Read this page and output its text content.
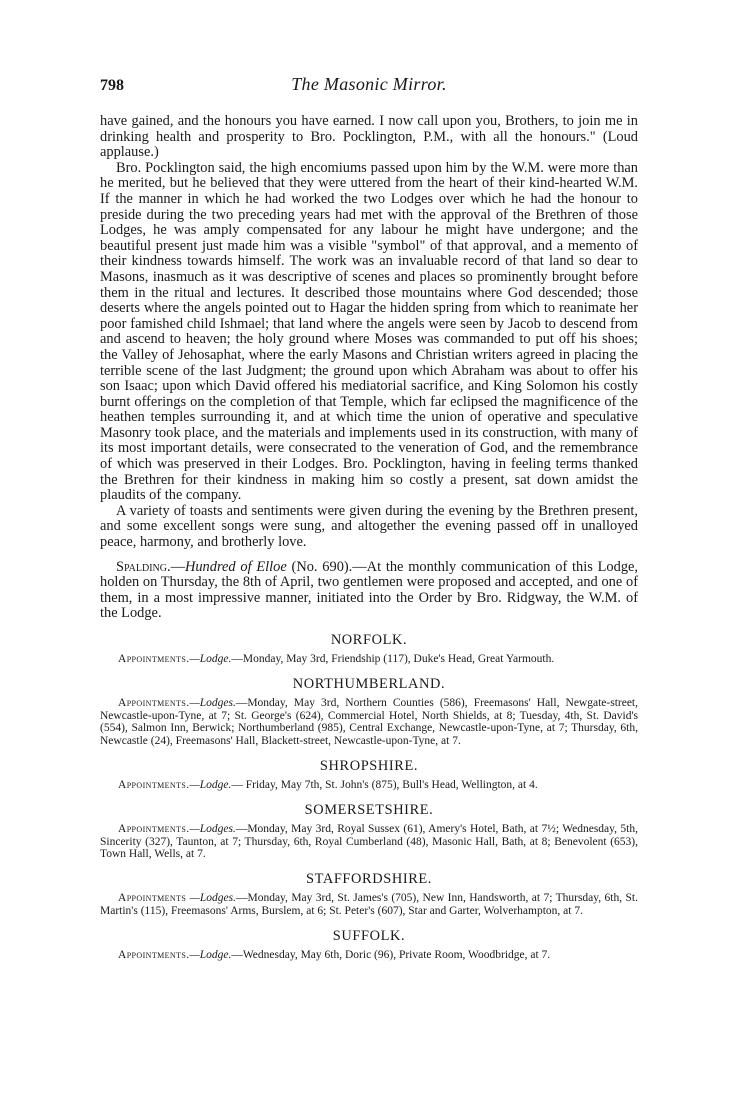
798	The Masonic Mirror.

have gained, and the honours you have earned. I now call upon you, Brothers, to join me in drinking health and prosperity to Bro. Pocklington, P.M., with all the honours." (Loud applause.)

Bro. Pocklington said, the high encomiums passed upon him by the W.M. were more than he merited, but he believed that they were uttered from the heart of their kind-hearted W.M. If the manner in which he had worked the two Lodges over which he had the honour to preside during the two preceding years had met with the approval of the Brethren of those Lodges, he was amply compensated for any labour he might have undergone; and the beautiful present just made him was a visible "symbol" of that approval, and a memento of their kindness towards himself. The work was an invaluable record of that land so dear to Masons, inasmuch as it was descriptive of scenes and places so prominently brought before them in the ritual and lectures. It described those mountains where God descended; those deserts where the angels pointed out to Hagar the hidden spring from which to reanimate her poor famished child Ishmael; that land where the angels were seen by Jacob to descend from and ascend to heaven; the holy ground where Moses was commanded to put off his shoes; the Valley of Jehosaphat, where the early Masons and Christian writers agreed in placing the terrible scene of the last Judgment; the ground upon which Abraham was about to offer his son Isaac; upon which David offered his mediatorial sacrifice, and King Solomon his costly burnt offerings on the completion of that Temple, which far eclipsed the magnificence of the heathen temples surrounding it, and at which time the union of operative and speculative Masonry took place, and the materials and implements used in its construction, with many of its most important details, were consecrated to the veneration of God, and the remembrance of which was preserved in their Lodges. Bro. Pocklington, having in feeling terms thanked the Brethren for their kindness in making him so costly a present, sat down amidst the plaudits of the company.

A variety of toasts and sentiments were given during the evening by the Brethren present, and some excellent songs were sung, and altogether the evening passed off in unalloyed peace, harmony, and brotherly love.

Spalding.—Hundred of Elloe (No. 690).—At the monthly communication of this Lodge, holden on Thursday, the 8th of April, two gentlemen were proposed and accepted, and one of them, in a most impressive manner, initiated into the Order by Bro. Ridgway, the W.M. of the Lodge.

NORFOLK.

Appointments.—Lodge.—Monday, May 3rd, Friendship (117), Duke's Head, Great Yarmouth.

NORTHUMBERLAND.

Appointments.—Lodges.—Monday, May 3rd, Northern Counties (586), Freemasons' Hall, Newgate-street, Newcastle-upon-Tyne, at 7; St. George's (624), Commercial Hotel, North Shields, at 8; Tuesday, 4th, St. David's (554), Salmon Inn, Berwick; Northumberland (985), Central Exchange, Newcastle-upon-Tyne, at 7; Thursday, 6th, Newcastle (24), Freemasons' Hall, Blackett-street, Newcastle-upon-Tyne, at 7.

SHROPSHIRE.

Appointments.—Lodge.— Friday, May 7th, St. John's (875), Bull's Head, Wellington, at 4.

SOMERSETSHIRE.

Appointments.—Lodges.—Monday, May 3rd, Royal Sussex (61), Amery's Hotel, Bath, at 7½; Wednesday, 5th, Sincerity (327), Taunton, at 7; Thursday, 6th, Royal Cumberland (48), Masonic Hall, Bath, at 8; Benevolent (653), Town Hall, Wells, at 7.

STAFFORDSHIRE.

Appointments —Lodges.—Monday, May 3rd, St. James's (705), New Inn, Handsworth, at 7; Thursday, 6th, St. Martin's (115), Freemasons' Arms, Burslem, at 6; St. Peter's (607), Star and Garter, Wolverhampton, at 7.

SUFFOLK.

Appointments.—Lodge.—Wednesday, May 6th, Doric (96), Private Room, Woodbridge, at 7.
